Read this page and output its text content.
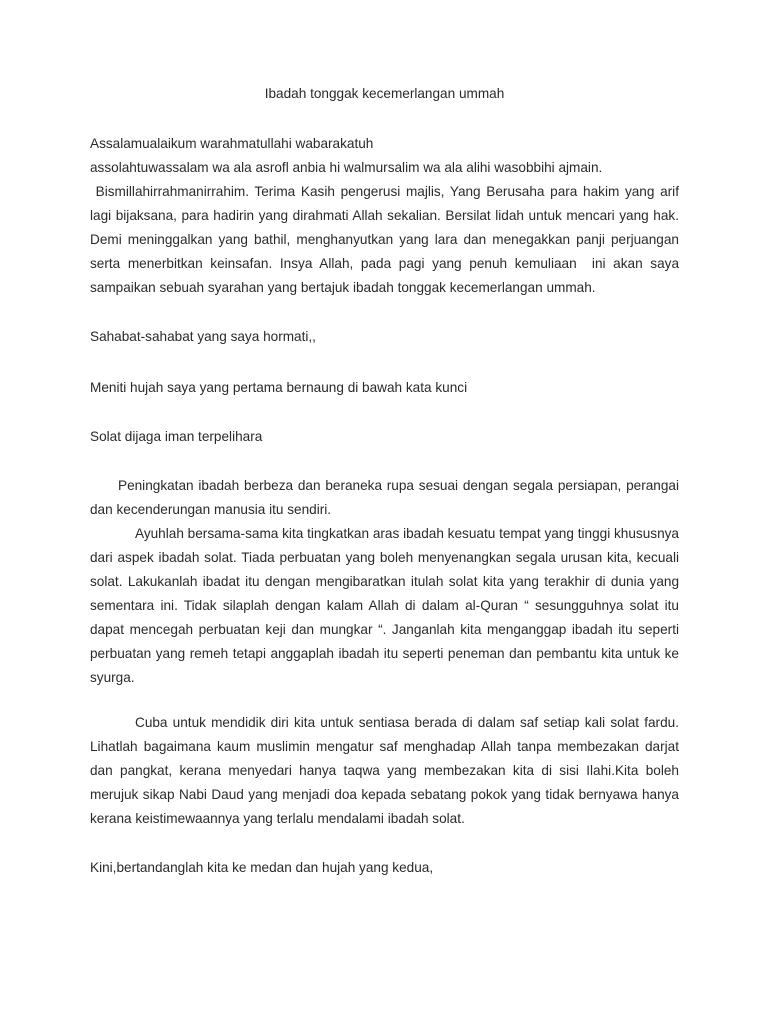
Ibadah tonggak kecemerlangan ummah

Assalamualaikum warahmatullahi wabarakatuh

assolahtuwassalam wa ala asrofl anbia hi walmursalim wa ala alihi wasobbihi ajmain.

Bismillahirrahmanirrahim. Terima Kasih pengerusi majlis, Yang Berusaha para hakim yang arif lagi bijaksana, para hadirin yang dirahmati Allah sekalian. Bersilat lidah untuk mencari yang hak. Demi meninggalkan yang bathil, menghanyutkan yang lara dan menegakkan panji perjuangan serta menerbitkan keinsafan. Insya Allah, pada pagi yang penuh kemuliaan  ini akan saya sampaikan sebuah syarahan yang bertajuk ibadah tonggak kecemerlangan ummah.

Sahabat-sahabat yang saya hormati,,

Meniti hujah saya yang pertama bernaung di bawah kata kunci

Solat dijaga iman terpelihara

Peningkatan ibadah berbeza dan beraneka rupa sesuai dengan segala persiapan, perangai dan kecenderungan manusia itu sendiri.

Ayuhlah bersama-sama kita tingkatkan aras ibadah kesuatu tempat yang tinggi khususnya dari aspek ibadah solat. Tiada perbuatan yang boleh menyenangkan segala urusan kita, kecuali solat. Lakukanlah ibadat itu dengan mengibaratkan itulah solat kita yang terakhir di dunia yang sementara ini. Tidak silaplah dengan kalam Allah di dalam al-Quran “ sesungguhnya solat itu dapat mencegah perbuatan keji dan mungkar “. Janganlah kita menganggap ibadah itu seperti perbuatan yang remeh tetapi anggaplah ibadah itu seperti peneman dan pembantu kita untuk ke syurga.

Cuba untuk mendidik diri kita untuk sentiasa berada di dalam saf setiap kali solat fardu. Lihatlah bagaimana kaum muslimin mengatur saf menghadap Allah tanpa membezakan darjat dan pangkat, kerana menyedari hanya taqwa yang membezakan kita di sisi Ilahi.Kita boleh merujuk sikap Nabi Daud yang menjadi doa kepada sebatang pokok yang tidak bernyawa hanya kerana keistimewaannya yang terlalu mendalami ibadah solat.

Kini,bertandanglah kita ke medan dan hujah yang kedua,
